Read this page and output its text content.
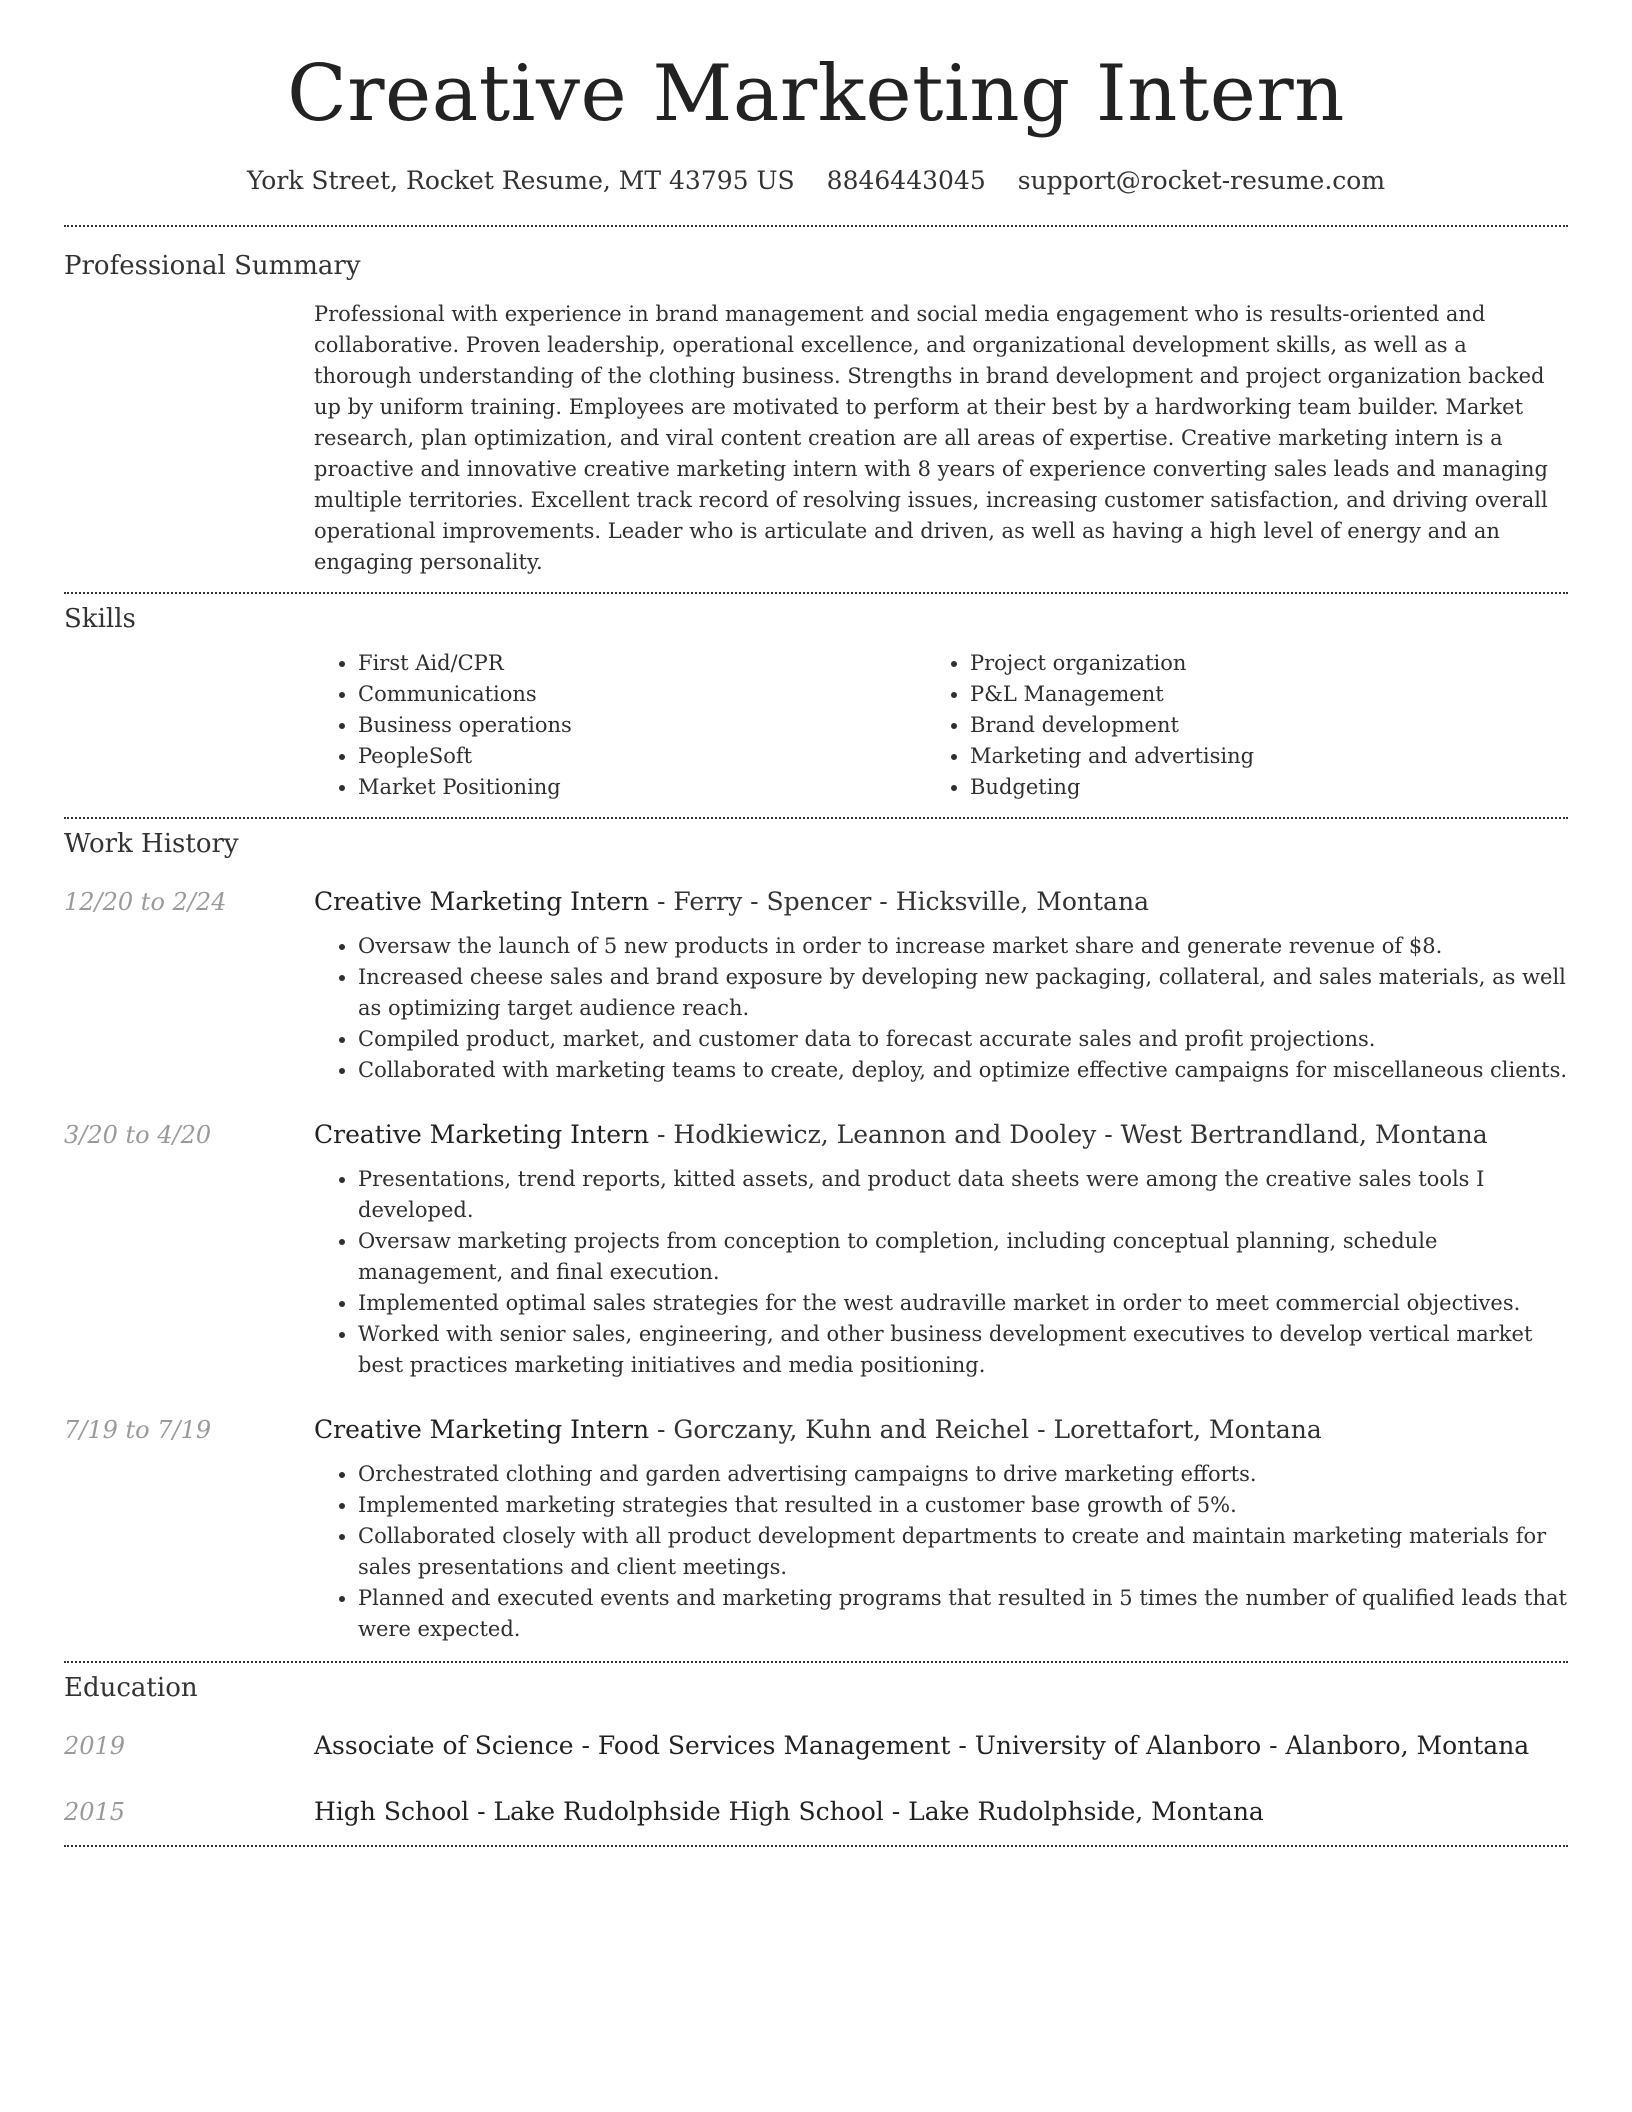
Creative Marketing Intern
York Street, Rocket Resume, MT 43795 US 8846443045 support@rocket-resume.com
Professional Summary

Professional with experience in brand management and social media engagement who is results-oriented and collaborative. Proven leadership, operational excellence, and organizational development skills, as well as a thorough understanding of the clothing business. Strengths in brand development and project organization backed up by uniform training. Employees are motivated to perform at their best by a hardworking team builder. Market research, plan optimization, and viral content creation are all areas of expertise. Creative marketing intern is a proactive and innovative creative marketing intern with 8 years of experience converting sales leads and managing multiple territories. Excellent track record of resolving issues, increasing customer satisfaction, and driving overall operational improvements. Leader who is articulate and driven, as well as having a high level of energy and an engaging personality.

Skills
• First Aid/CPR
• Communications
• Business operations
• PeopleSoft
• Market Positioning
• Project organization
• P&L Management
• Brand development
• Marketing and advertising
• Budgeting
Work History
12/20 to 2/24	Creative Marketing Intern - Ferry - Spencer - Hicksville, Montana
• Oversaw the launch of 5 new products in order to increase market share and generate revenue of $8.
• Increased cheese sales and brand exposure by developing new packaging, collateral, and sales materials, as well as optimizing target audience reach.
• Compiled product, market, and customer data to forecast accurate sales and profit projections.
• Collaborated with marketing teams to create, deploy, and optimize effective campaigns for miscellaneous clients.
3/20 to 4/20	Creative Marketing Intern - Hodkiewicz, Leannon and Dooley - West Bertrandland, Montana
• Presentations, trend reports, kitted assets, and product data sheets were among the creative sales tools I developed.
• Oversaw marketing projects from conception to completion, including conceptual planning, schedule management, and final execution.
• Implemented optimal sales strategies for the west audraville market in order to meet commercial objectives.
• Worked with senior sales, engineering, and other business development executives to develop vertical market best practices marketing initiatives and media positioning.
7/19 to 7/19	Creative Marketing Intern - Gorczany, Kuhn and Reichel - Lorettafort, Montana
• Orchestrated clothing and garden advertising campaigns to drive marketing efforts.
• Implemented marketing strategies that resulted in a customer base growth of 5%.
• Collaborated closely with all product development departments to create and maintain marketing materials for sales presentations and client meetings.
• Planned and executed events and marketing programs that resulted in 5 times the number of qualified leads that were expected.
Education
2019	Associate of Science - Food Services Management - University of Alanboro - Alanboro, Montana
2015	High School - Lake Rudolphside High School - Lake Rudolphside, Montana
